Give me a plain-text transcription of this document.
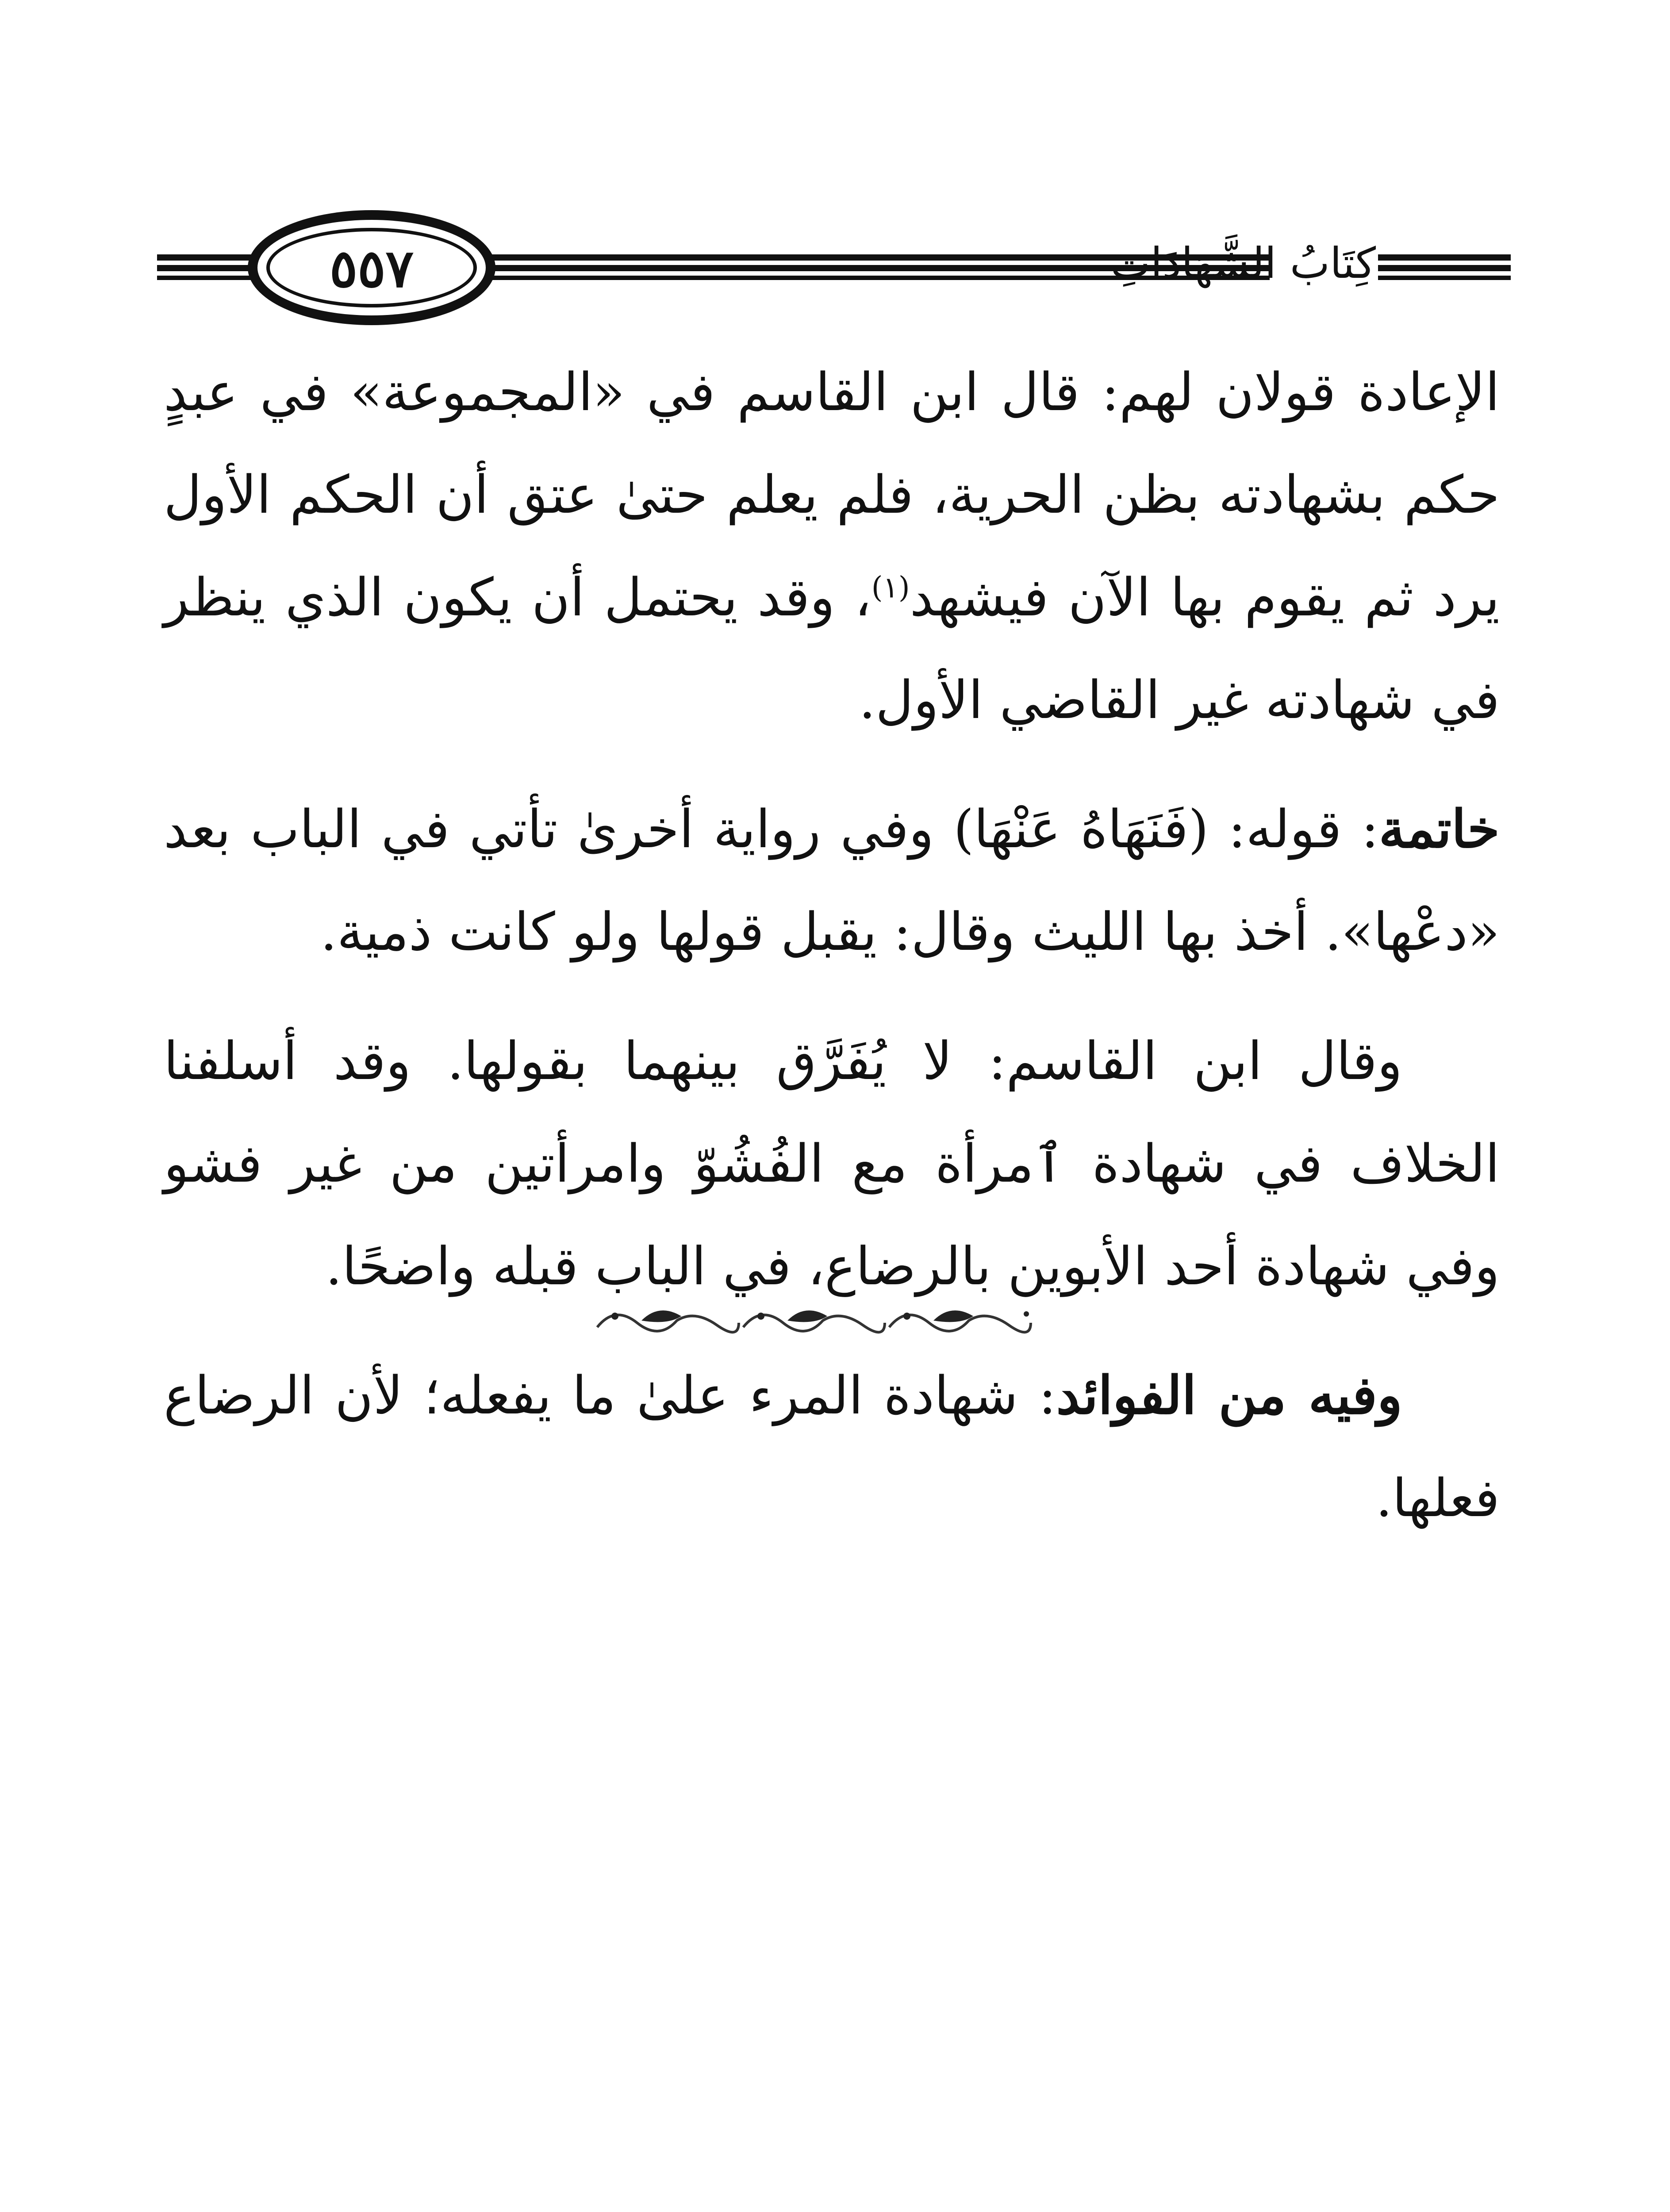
٥٥٧	كِتَابُ الشَّهَادَاتِ

الإعادة قولان لهم: قال ابن القاسم في «المجموعة» في عبدٍ حكم بشهادته بظن الحرية، فلم يعلم حتىٰ عتق أن الحكم الأول يرد ثم يقوم بها الآن فيشهد$^{(١)}$، وقد يحتمل أن يكون الذي ينظر في شهادته غير القاضي الأول.

خاتمة: قوله: (فَنَهَاهُ عَنْهَا) وفي رواية أخرىٰ تأتي في الباب بعد «دعْها». أخذ بها الليث وقال: يقبل قولها ولو كانت ذمية.

وقال ابن القاسم: لا يُفَرَّق بينهما بقولها. وقد أسلفنا الخلاف في شهادة ٱمرأة مع الفُشُوّ وامرأتين من غير فشو وفي شهادة أحد الأبوين بالرضاع، في الباب قبله واضحًا.

وفيه من الفوائد: شهادة المرء علىٰ ما يفعله؛ لأن الرضاع فعلها.
